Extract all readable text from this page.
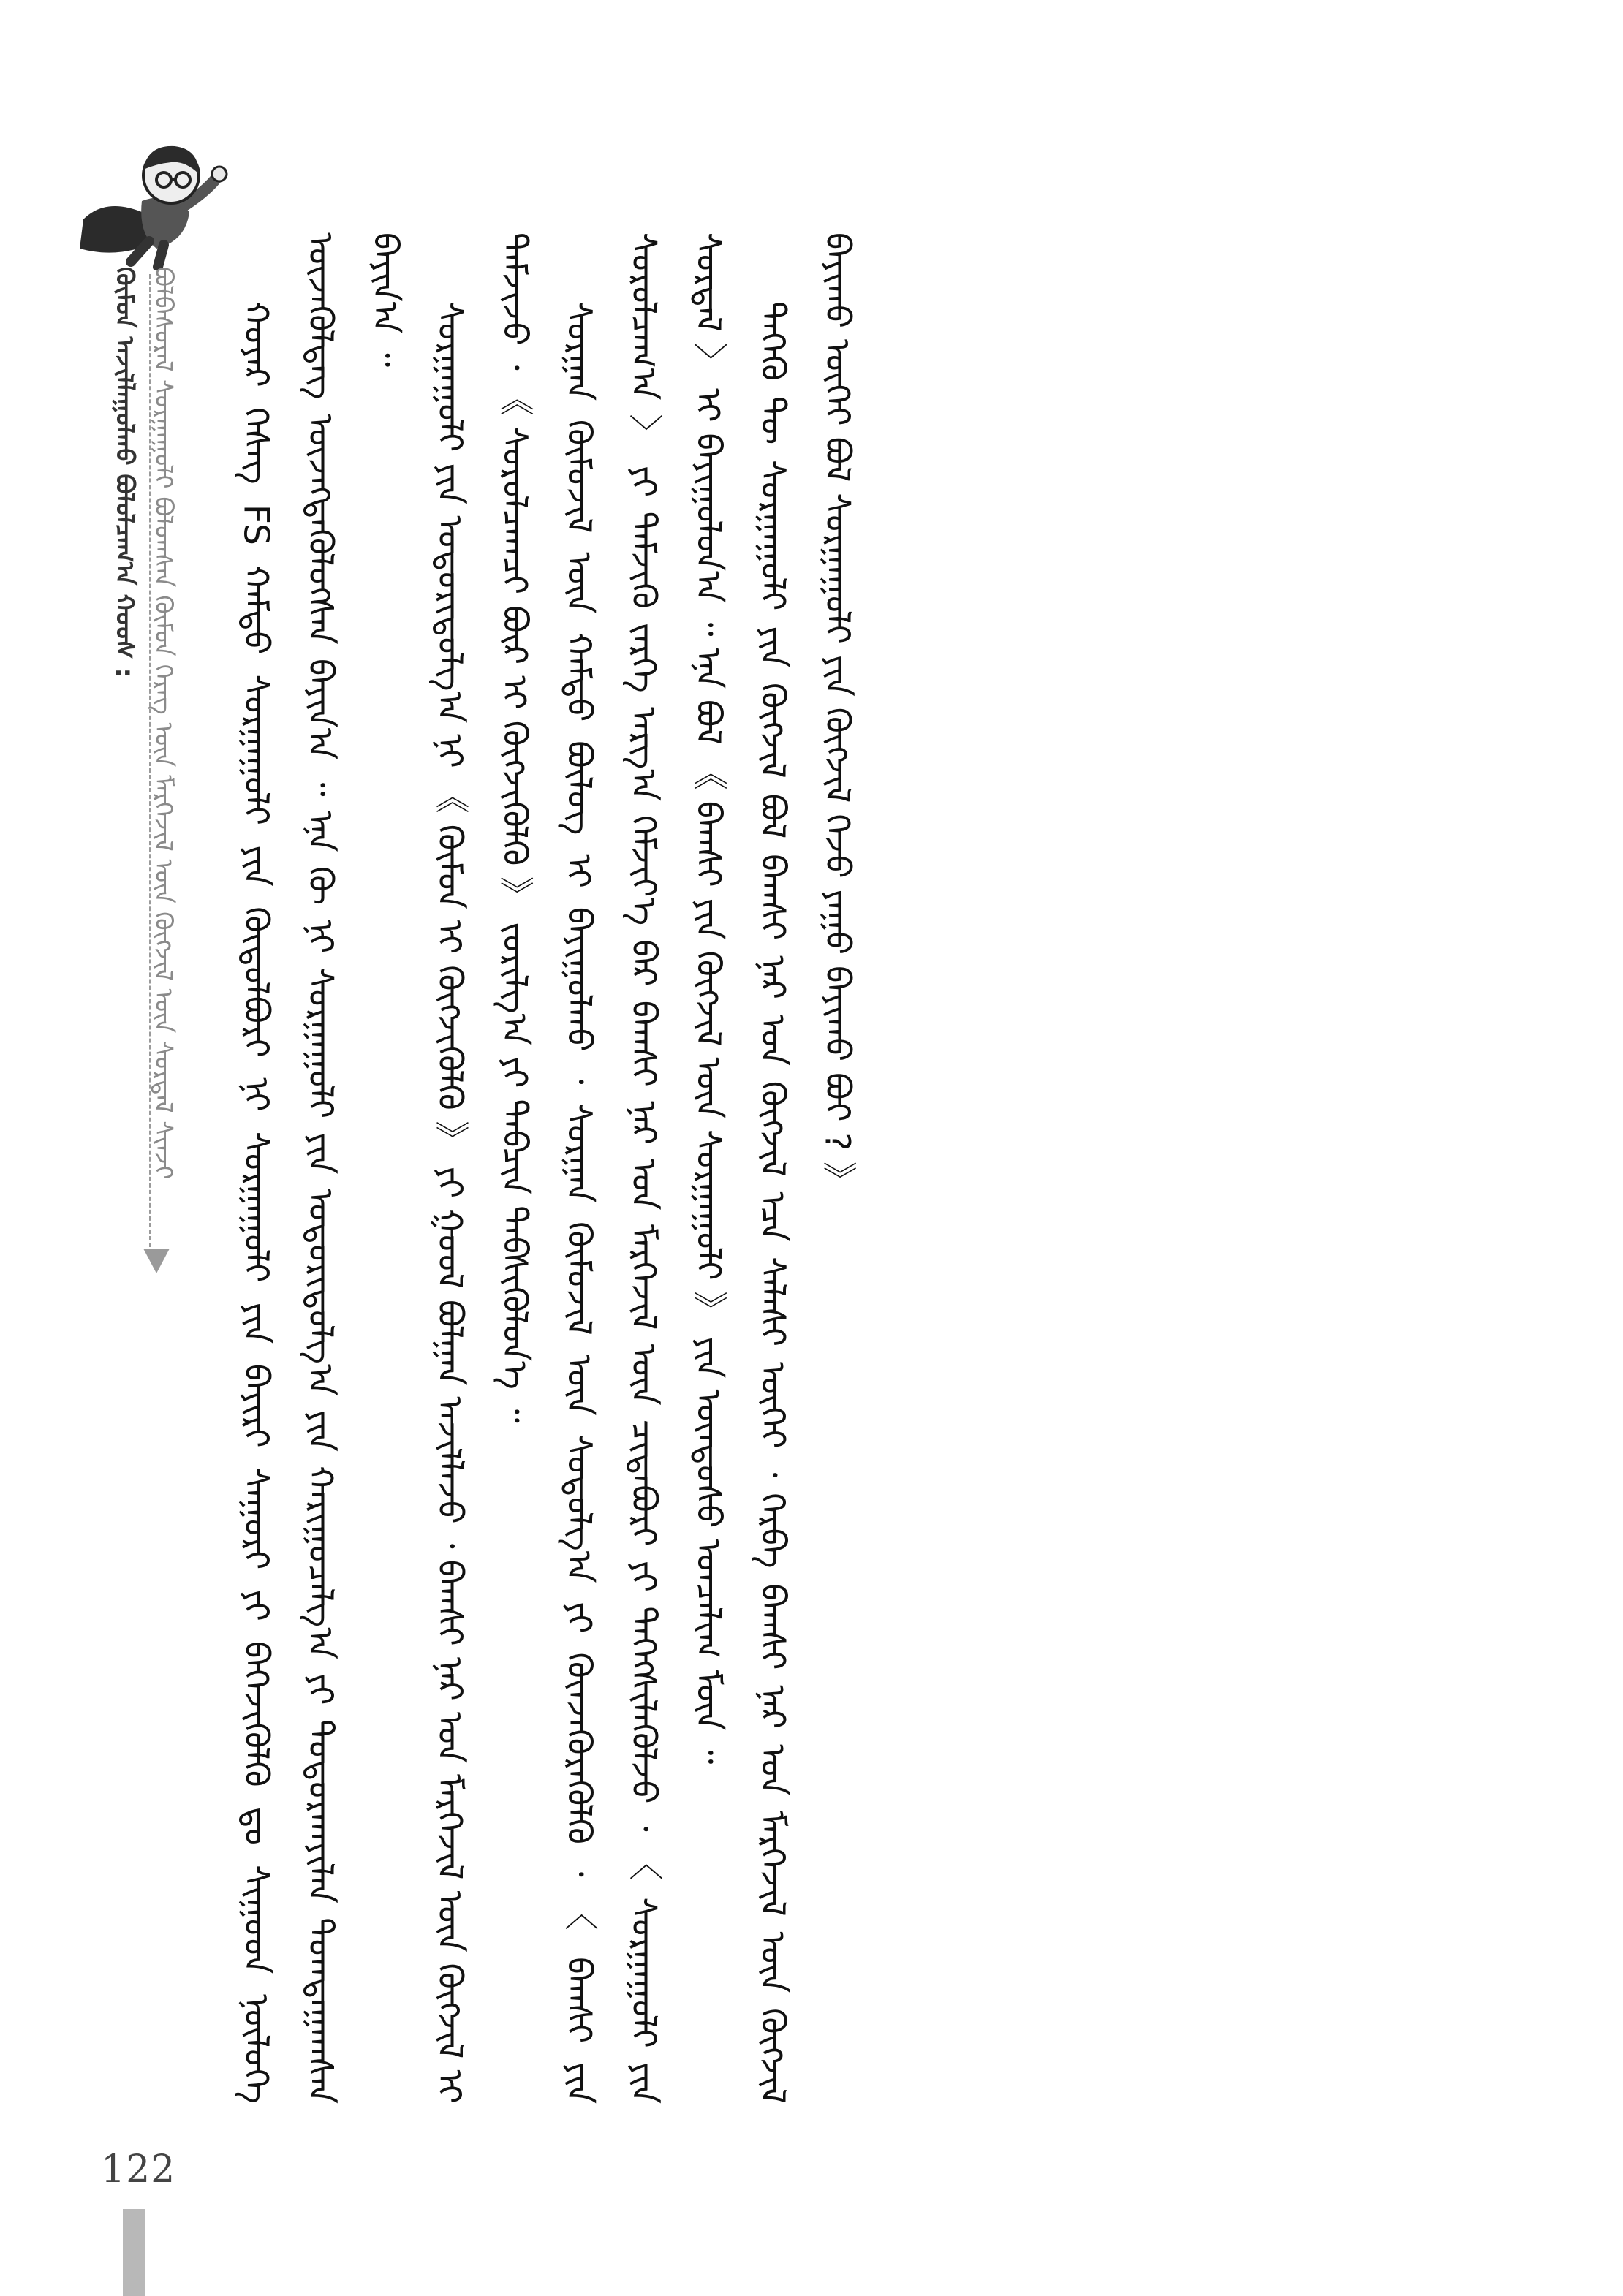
ᠬᠦᠮᠦᠨ ᠠᠵᠢᠯᠯᠠᠭᠤᠯᠬᠤ ᠪᠣᠯᠤᠯᠴᠠᠭ᠎ᠠ ᠬᠣᠣᠰ : ᠪᠣᠯᠪᠠᠰᠤᠷᠠᠯ ᠰᠤᠷᠭᠠᠭᠤᠯᠢ ᠪᠣᠯᠤᠭᠰᠠᠨ ᠬᠦᠮᠦᠨ ᠬᠡᠷᠡᠭ ᠦᠨ ᠮᠡᠷᠭᠡᠵᠢᠯ ᠦᠨ ᠬᠥᠭᠵᠢᠯ ᠦᠨ ᠰᠤᠷᠲᠠᠯ ᠰᠢᠨᠵᠢ	ᠬᠣᠶᠠᠷ ᠬᠡᠰᠡᠭ FS ᠬᠠᠮᠲᠤ ᠰᠤᠷᠭᠠᠭᠤᠯᠢ ᠶᠢᠨ ᠬᠥᠲᠦᠯᠪᠦᠷᠢ ᠨᠢ ᠰᠤᠷᠭᠠᠭᠤᠯᠢ ᠶᠢᠨ ᠪᠠᠶᠢᠷᠢ ᠰᠠᠭᠤᠷᠢ ᠶᠢ ᠪᠡᠬᠡᠵᠢᠭᠦᠯᠬᠦ ᠳᠤ ᠰᠢᠭᠤᠳ ᠨᠥᠯᠦᠭᠡ ᠦᠵᠡᠭᠦᠯᠳᠡᠭ ᠦᠵᠡᠭᠳᠡᠭᠦᠯᠦᠭᠰᠡᠨ ᠪᠠᠶᠢᠨ᠎ᠠ ᠃ ᠡᠨᠡ ᠬᠦ ᠨᠢ ᠰᠤᠷᠭᠠᠭᠤᠯᠢ ᠶᠢᠨ ᠤᠳᠤᠷᠢᠳᠤᠯᠭ᠎ᠠ ᠶᠢᠨ ᠬᠠᠷᠢᠭᠤᠴᠠᠯᠭ᠎ᠠ ᠶᠢ ᠲᠣᠳᠣᠷᠬᠠᠶᠢᠯᠠᠨ ᠲᠣᠭᠲᠠᠭᠠᠭᠰᠠᠨ ᠪᠠᠶᠢᠨ᠎ᠠ ᠃

ᠰᠤᠷᠭᠠᠭᠤᠯᠢ ᠶᠢᠨ ᠤᠳᠤᠷᠢᠳᠤᠯᠭ᠎ᠠ ᠨᠢ 《 ᠬᠦᠮᠦᠨ ᠢ ᠬᠥᠭᠵᠢᠭᠦᠯᠬᠦ 》 ᠶᠢ ᠭᠣᠣᠯ ᠪᠣᠯᠭᠠᠨ ᠠᠵᠢᠯᠯᠠᠵᠤ ᠂ ᠪᠠᠭᠰᠢ ᠨᠠᠷ ᠤᠨ ᠮᠡᠷᠭᠡᠵᠢᠯ ᠦᠨ ᠬᠥᠭᠵᠢᠯ ᠢ ᠳᠡᠮᠵᠢᠵᠦ ᠂ 《 ᠰᠤᠷᠤᠯᠴᠠᠭᠴᠢ ᠪᠦᠷ ᠢ ᠬᠥᠭᠵᠢᠭᠦᠯᠬᠦ 》 ᠵᠣᠷᠢᠯᠭ᠎ᠠ ᠶᠢ ᠲᠡᠪᠴᠢᠨ ᠳᠡᠪᠰᠢᠭᠦᠯᠦᠨ᠎ᠡ ᠃ ᠰᠤᠷᠭᠠᠨ ᠬᠦᠮᠦᠵᠢᠯ ᠦᠨ ᠬᠠᠮᠲᠤ ᠪᠦᠯᠦᠭ ᠢ ᠪᠠᠶᠢᠭᠤᠯᠬᠤ ᠂ ᠰᠤᠷᠭᠠᠨ ᠬᠦᠮᠦᠵᠢᠯ ᠦᠨ ᠰᠤᠳᠤᠯᠭ᠎ᠠ ᠶᠢ ᠭᠦᠨᠵᠡᠭᠦᠷᠡᠬᠦᠯᠬᠦ ᠂ 〈 ᠪᠠᠭᠰᠢ ᠶᠢᠨ ᠰᠤᠷᠤᠯᠴᠠᠭ᠎ᠠ 〉 ᠶᠢ ᠳᠡᠮᠵᠢᠬᠦ ᠵᠡᠷᠭᠡ ᠠᠷᠭ᠎ᠠ ᠬᠡᠮᠵᠢᠶ᠎ᠡ ᠪᠡᠷ ᠪᠠᠭᠰᠢ ᠨᠠᠷ ᠤᠨ ᠮᠡᠷᠭᠡᠵᠢᠯ ᠦᠨ ᠴᠢᠳᠠᠪᠤᠷᠢ ᠶᠢ ᠳᠡᠭᠡᠭᠰᠢᠯᠡᠭᠦᠯᠵᠦ ᠂ 〈 ᠰᠤᠷᠭᠠᠭᠤᠯᠢ ᠶᠢᠨ ᠰᠤᠷᠲᠠᠯ 〉 ᠢ ᠪᠠᠶᠢᠭᠤᠯᠤᠨ᠎ᠠ ᠃ ᠡᠨᠡ ᠪᠣᠯ 《 ᠪᠠᠭᠰᠢ ᠶᠢᠨ ᠬᠥᠭᠵᠢᠯ ᠦᠨ ᠰᠤᠷᠭᠠᠭᠤᠯᠢ 》 ᠶᠢᠨ ᠦᠨᠳᠦᠰᠦ ᠣᠨᠴᠠᠯᠢᠭ ᠮᠦᠨ ᠃ ᠲᠡᠭᠡᠬᠦ ᠲᠦ ᠰᠤᠷᠭᠠᠭᠤᠯᠢ ᠶᠢᠨ ᠬᠥᠭᠵᠢᠯ ᠪᠣᠯ ᠪᠠᠭᠰᠢ ᠨᠠᠷ ᠤᠨ ᠬᠥᠭᠵᠢᠯ ᠡᠴᠡ ᠰᠠᠯᠠᠰᠢ ᠦᠭᠡᠢ ᠂ ᠬᠡᠷᠪᠡ ᠪᠠᠭᠰᠢ ᠨᠠᠷ ᠤᠨ ᠮᠡᠷᠭᠡᠵᠢᠯ ᠦᠨ ᠬᠥᠭᠵᠢᠯ ᠪᠠᠶᠢᠬᠤ ᠦᠭᠡᠢ ᠪᠣᠯ ᠰᠤᠷᠭᠠᠭᠤᠯᠢ ᠶᠢᠨ ᠬᠥᠭᠵᠢᠯ ᠭᠡᠵᠦ ᠶᠠᠭᠤ ᠪᠠᠶᠢᠬᠤ ᠪᠤᠢ ? 》

122
